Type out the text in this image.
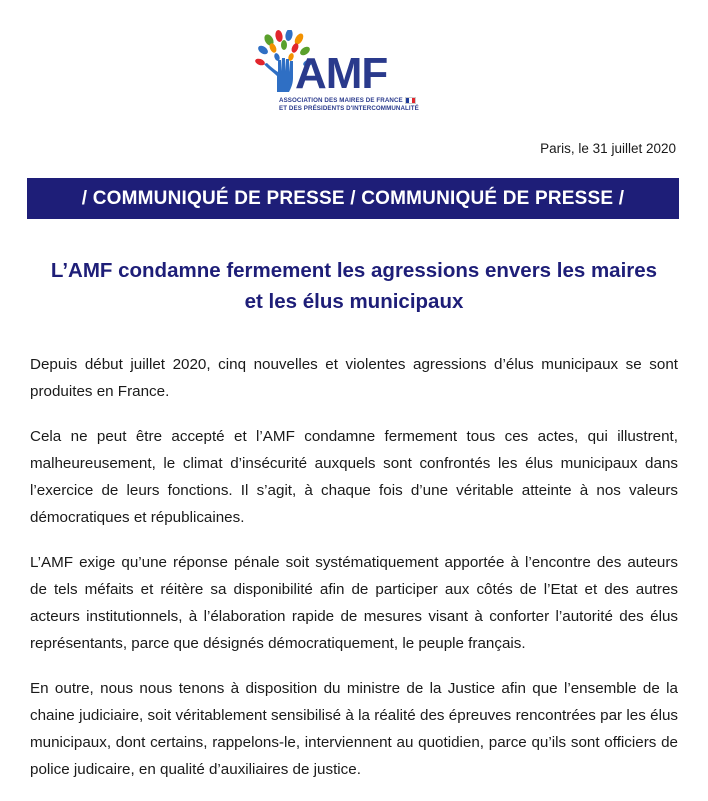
AMF
ASSOCIATION DES MAIRES DE FRANCE
ET DES PRÉSIDENTS D'INTERCOMMUNALITÉ
Paris, le 31 juillet 2020
/ COMMUNIQUÉ DE PRESSE / COMMUNIQUÉ DE PRESSE /
L’AMF condamne fermement les agressions envers les maires et les élus municipaux

Depuis début juillet 2020, cinq nouvelles et violentes agressions d’élus municipaux se sont produites en France.

Cela ne peut être accepté et l’AMF condamne fermement tous ces actes, qui illustrent, malheureusement, le climat d’insécurité auxquels sont confrontés les élus municipaux dans l’exercice de leurs fonctions. Il s’agit, à chaque fois d’une véritable atteinte à nos valeurs démocratiques et républicaines.

L’AMF exige qu’une réponse pénale soit systématiquement apportée à l’encontre des auteurs de tels méfaits et réitère sa disponibilité afin de participer aux côtés de l’Etat et des autres acteurs institutionnels, à l’élaboration rapide de mesures visant à conforter l’autorité des élus représentants, parce que désignés démocratiquement, le peuple français.

En outre, nous nous tenons à disposition du ministre de la Justice afin que l’ensemble de la chaine judiciaire, soit véritablement sensibilisé à la réalité des épreuves rencontrées par les élus municipaux, dont certains, rappelons-le, interviennent au quotidien, parce qu’ils sont officiers de police judicaire, en qualité d’auxiliaires de justice.
